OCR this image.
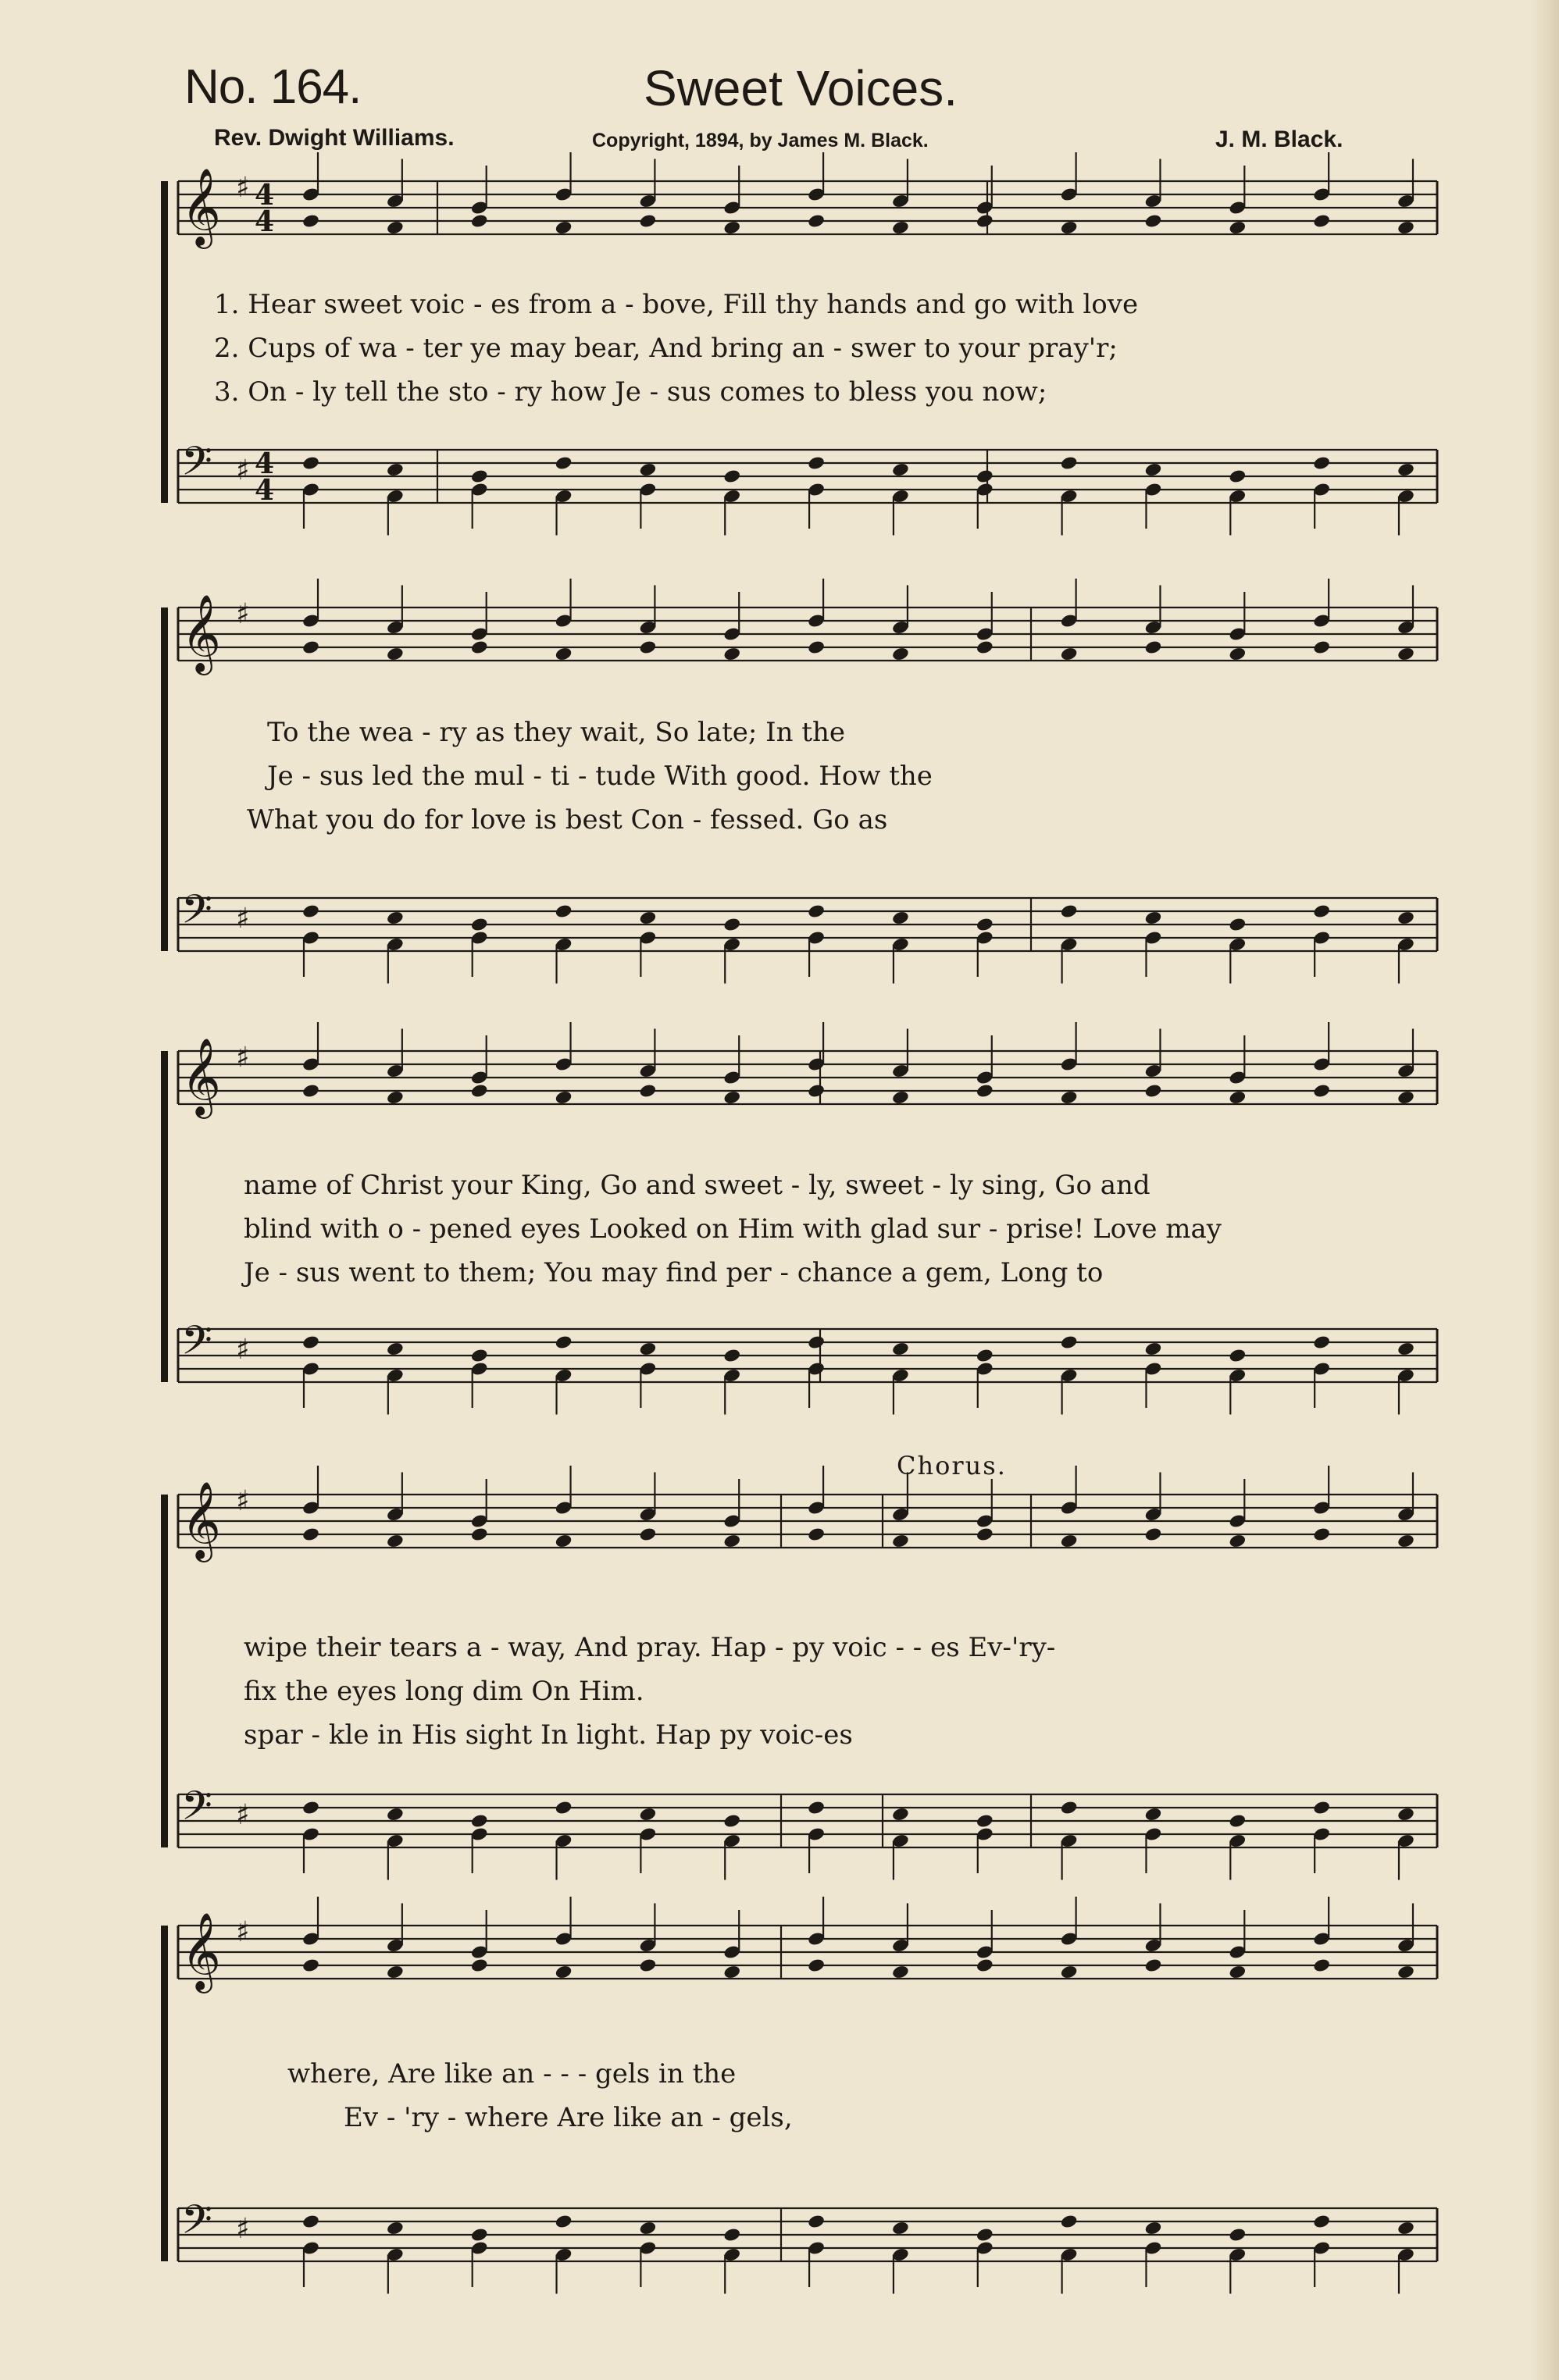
No. 164.	Sweet Voices.
Rev. Dwight Williams.	Copyright, 1894, by James M. Black.	J. M. Black.
𝄞 ♯
𝄢 ♯
4
4
4
4
𝄞 ♯
𝄢 ♯
𝄞 ♯
𝄢 ♯
𝄞 ♯
𝄢 ♯
𝄞 ♯
𝄢 ♯
1. Hear sweet voic - es from a - bove, Fill thy hands and go with love
2. Cups of wa - ter ye may bear, And bring an - swer to your pray'r;
3. On - ly tell the sto - ry how Je - sus comes to bless you now;
To the wea - ry as they wait, So late; In the
Je - sus led the mul - ti - tude With good. How the
What you do for love is best Con - fessed. Go as
name of Christ your King, Go and sweet - ly, sweet - ly sing, Go and
blind with o - pened eyes Looked on Him with glad sur - prise! Love may
Je - sus went to them; You may find per - chance a gem, Long to
Chorus.
wipe their tears a - way, And pray. Hap - py voic - - es Ev-'ry-
fix the eyes long dim On Him.
spar - kle in His sight In light. Hap py voic-es
where, Are like an - - - gels in the
Ev - 'ry - where Are like an - gels,
